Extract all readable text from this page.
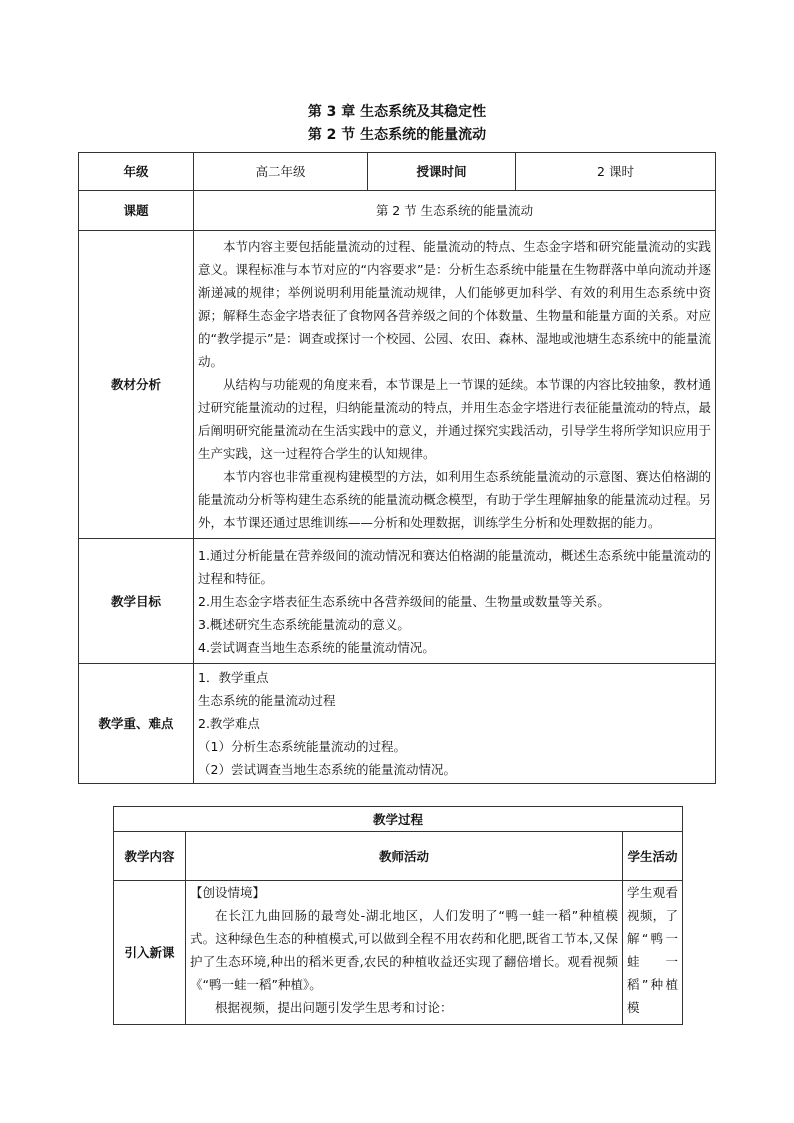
第 3 章 生态系统及其稳定性
第 2 节 生态系统的能量流动
年级	高二年级	授课时间	2 课时
课题	第 2 节 生态系统的能量流动		
教材分析	本节内容主要包括能量流动的过程、能量流动的特点、生态金字塔和研究能量流动的实践意义。课程标准与本节对应的“内容要求”是：分析生态系统中能量在生物群落中单向流动并逐渐递减的规律；举例说明利用能量流动规律，人们能够更加科学、有效的利用生态系统中资源；解释生态金字塔表征了食物网各营养级之间的个体数量、生物量和能量方面的关系。对应的“教学提示”是：调查或探讨一个校园、公园、农田、森林、湿地或池塘生态系统中的能量流动。

从结构与功能观的角度来看，本节课是上一节课的延续。本节课的内容比较抽象，教材通过研究能量流动的过程，归纳能量流动的特点，并用生态金字塔进行表征能量流动的特点，最后阐明研究能量流动在生活实践中的意义，并通过探究实践活动，引导学生将所学知识应用于生产实践，这一过程符合学生的认知规律。

本节内容也非常重视构建模型的方法，如利用生态系统能量流动的示意图、赛达伯格湖的能量流动分析等构建生态系统的能量流动概念模型，有助于学生理解抽象的能量流动过程。另外，本节课还通过思维训练——分析和处理数据，训练学生分析和处理数据的能力。		

教学目标	1.通过分析能量在营养级间的流动情况和赛达伯格湖的能量流动，概述生态系统中能量流动的过程和特征。

2.用生态金字塔表征生态系统中各营养级间的能量、生物量或数量等关系。

3.概述研究生态系统能量流动的意义。

4.尝试调查当地生态系统的能量流动情况。		

教学重、难点	1．教学重点

生态系统的能量流动过程

2.教学难点

（1）分析生态系统能量流动的过程。

（2）尝试调查当地生态系统的能量流动情况。		

教学过程		
教学内容	教师活动	学生活动
引入新课	【创设情境】

在长江九曲回肠的最弯处-湖北地区，人们发明了“鸭一蛙一稻”种植模式。这种绿色生态的种植模式,可以做到全程不用农药和化肥,既省工节本,又保护了生态环境,种出的稻米更香,农民的种植收益还实现了翻倍增长。观看视频《“鸭一蛙一稻”种植》。

根据视频，提出问题引发学生思考和讨论：	学生观看视频，了　解“鸭一蛙一稻”种植模
